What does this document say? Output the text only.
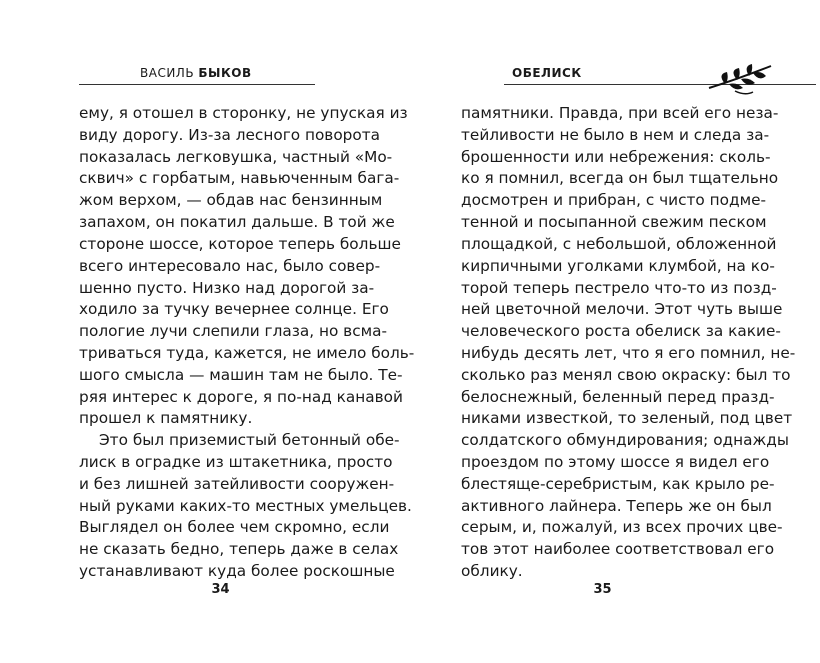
ВАСИЛЬ БЫКОВ
ему, я отошел в сторонку, не упуская из
виду дорогу. Из-за лесного поворота
показалась легковушка, частный «Мо-
сквич» с горбатым, навьюченным бага-
жом верхом, — обдав нас бензинным
запахом, он покатил дальше. В той же
стороне шоссе, которое теперь больше
всего интересовало нас, было совер-
шенно пусто. Низко над дорогой за-
ходило за тучку вечернее солнце. Его
пологие лучи слепили глаза, но всма-
триваться туда, кажется, не имело боль-
шого смысла — машин там не было. Те-
ряя интерес к дороге, я по-над канавой
прошел к памятнику.
Это был приземистый бетонный обе-
лиск в оградке из штакетника, просто
и без лишней затейливости сооружен-
ный руками каких-то местных умельцев.
Выглядел он более чем скромно, если
не сказать бедно, теперь даже в селах
устанавливают куда более роскошные
34
ОБЕЛИСК
памятники. Правда, при всей его неза-
тейливости не было в нем и следа за-
брошенности или небрежения: сколь-
ко я помнил, всегда он был тщательно
досмотрен и прибран, с чисто подме-
тенной и посыпанной свежим песком
площадкой, с небольшой, обложенной
кирпичными уголками клумбой, на ко-
торой теперь пестрело что-то из позд-
ней цветочной мелочи. Этот чуть выше
человеческого роста обелиск за какие-
нибудь десять лет, что я его помнил, не-
сколько раз менял свою окраску: был то
белоснежный, беленный перед празд-
никами известкой, то зеленый, под цвет
солдатского обмундирования; однажды
проездом по этому шоссе я видел его
блестяще-серебристым, как крыло ре-
активного лайнера. Теперь же он был
серым, и, пожалуй, из всех прочих цве-
тов этот наиболее соответствовал его
облику.
35
